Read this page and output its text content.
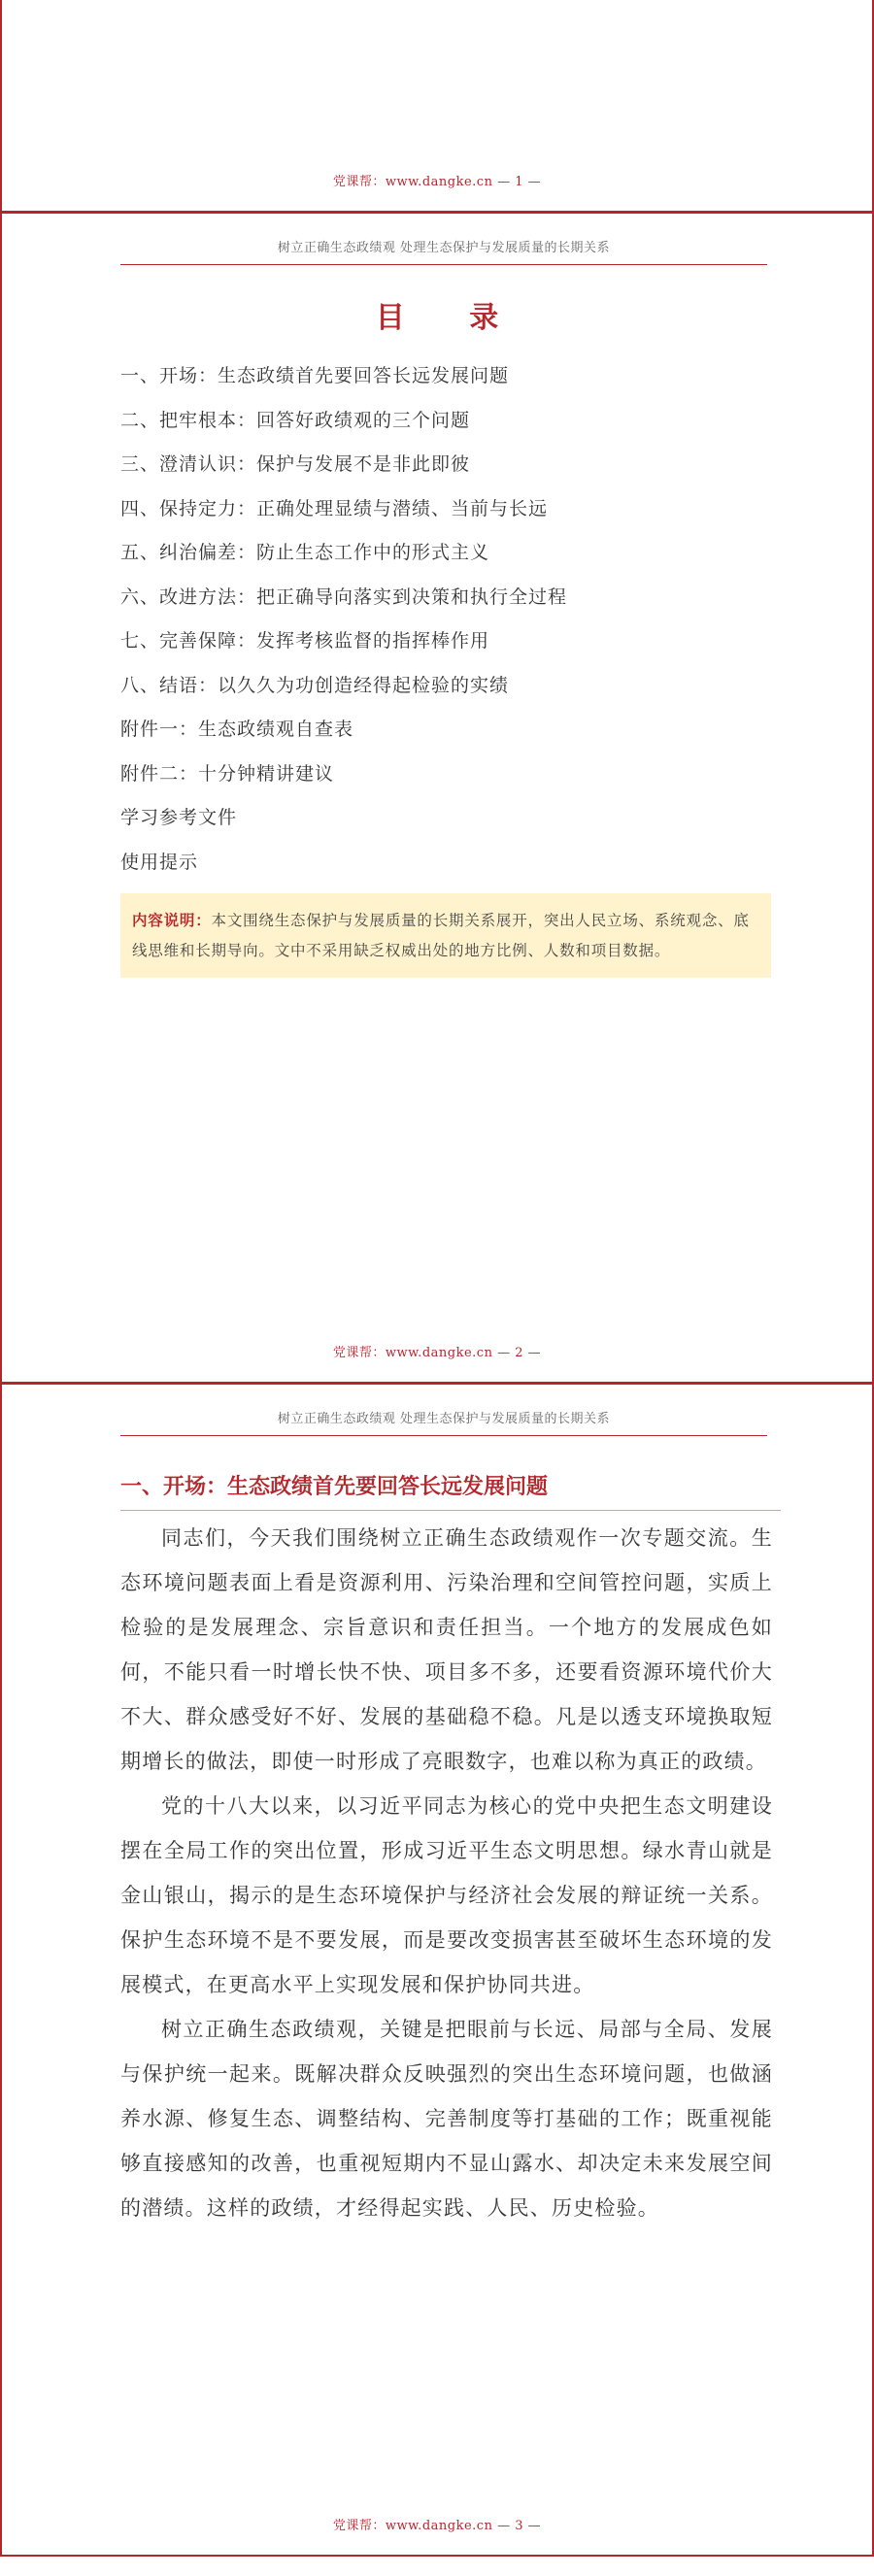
党课帮：www.dangke.cn — 1 —
树立正确生态政绩观 处理生态保护与发展质量的长期关系
目 录
一、开场：生态政绩首先要回答长远发展问题
二、把牢根本：回答好政绩观的三个问题
三、澄清认识：保护与发展不是非此即彼
四、保持定力：正确处理显绩与潜绩、当前与长远
五、纠治偏差：防止生态工作中的形式主义
六、改进方法：把正确导向落实到决策和执行全过程
七、完善保障：发挥考核监督的指挥棒作用
八、结语：以久久为功创造经得起检验的实绩
附件一：生态政绩观自查表
附件二：十分钟精讲建议
学习参考文件
使用提示
内容说明：本文围绕生态保护与发展质量的长期关系展开，突出人民立场、系统观念、底线思维和长期导向。文中不采用缺乏权威出处的地方比例、人数和项目数据。
党课帮：www.dangke.cn — 2 —
树立正确生态政绩观 处理生态保护与发展质量的长期关系
一、开场：生态政绩首先要回答长远发展问题

同志们，今天我们围绕树立正确生态政绩观作一次专题交流。生态环境问题表面上看是资源利用、污染治理和空间管控问题，实质上检验的是发展理念、宗旨意识和责任担当。一个地方的发展成色如何，不能只看一时增长快不快、项目多不多，还要看资源环境代价大不大、群众感受好不好、发展的基础稳不稳。凡是以透支环境换取短期增长的做法，即使一时形成了亮眼数字，也难以称为真正的政绩。

党的十八大以来，以习近平同志为核心的党中央把生态文明建设摆在全局工作的突出位置，形成习近平生态文明思想。绿水青山就是金山银山，揭示的是生态环境保护与经济社会发展的辩证统一关系。保护生态环境不是不要发展，而是要改变损害甚至破坏生态环境的发展模式，在更高水平上实现发展和保护协同共进。

树立正确生态政绩观，关键是把眼前与长远、局部与全局、发展与保护统一起来。既解决群众反映强烈的突出生态环境问题，也做涵养水源、修复生态、调整结构、完善制度等打基础的工作；既重视能够直接感知的改善，也重视短期内不显山露水、却决定未来发展空间的潜绩。这样的政绩，才经得起实践、人民、历史检验。

党课帮：www.dangke.cn — 3 —
